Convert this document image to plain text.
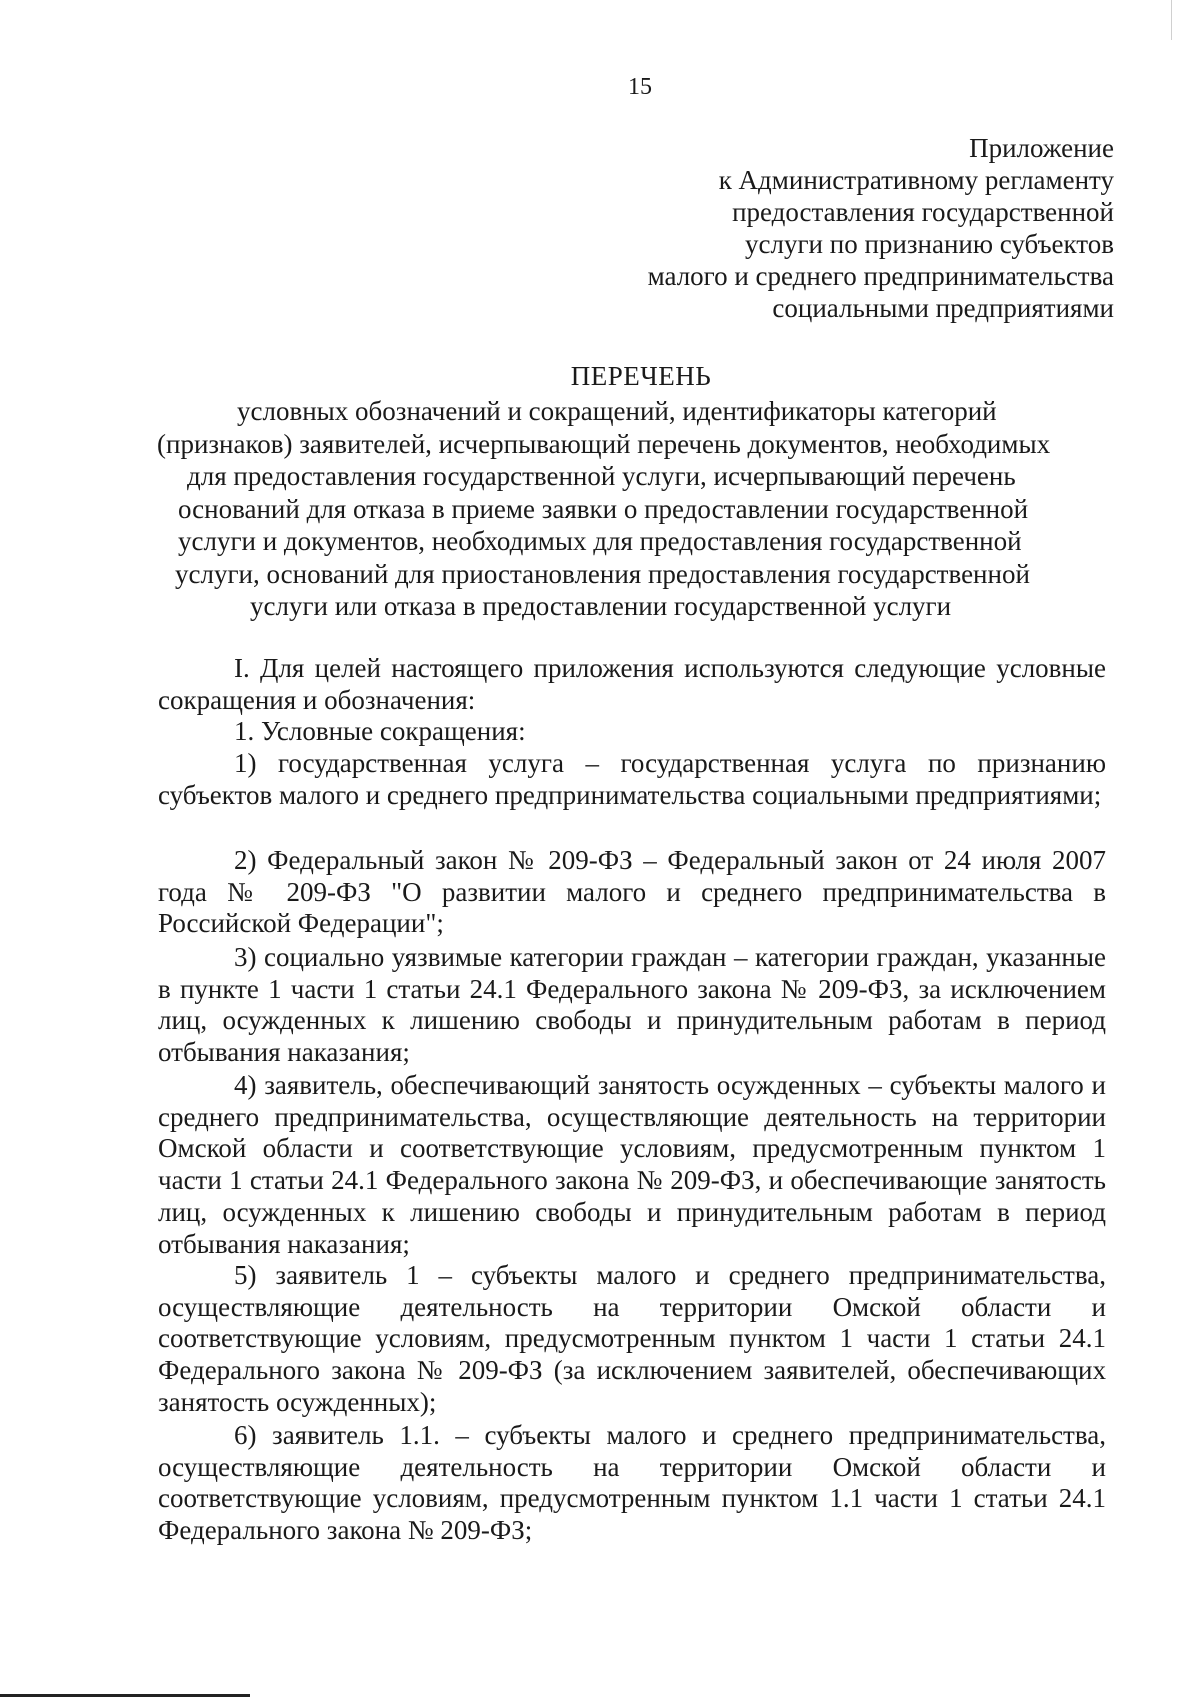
15
Приложение
к Административному регламенту
предоставления государственной
услуги по признанию субъектов
малого и среднего предпринимательства
социальными предприятиями
ПЕРЕЧЕНЬ
условных обозначений и сокращений, идентификаторы категорий
(признаков) заявителей, исчерпывающий перечень документов, необходимых
для предоставления государственной услуги, исчерпывающий перечень
оснований для отказа в приеме заявки о предоставлении государственной
услуги и документов, необходимых для предоставления государственной
услуги, оснований для приостановления предоставления государственной
услуги или отказа в предоставлении государственной услуги

I. Для целей настоящего приложения используются следующие условные сокращения и обозначения:

1. Условные сокращения:

1) государственная услуга – государственная услуга по признанию субъектов малого и среднего предпринимательства социальными предприятиями;

2) Федеральный закон № 209-ФЗ – Федеральный закон от 24 июля 2007 года № 209-ФЗ "О развитии малого и среднего предпринимательства в Российской Федерации";

3) социально уязвимые категории граждан – категории граждан, указанные в пункте 1 части 1 статьи 24.1 Федерального закона № 209-ФЗ, за исключением лиц, осужденных к лишению свободы и принудительным работам в период отбывания наказания;

4) заявитель, обеспечивающий занятость осужденных – субъекты малого и среднего предпринимательства, осуществляющие деятельность на территории Омской области и соответствующие условиям, предусмотренным пунктом 1 части 1 статьи 24.1 Федерального закона № 209-ФЗ, и обеспечивающие занятость лиц, осужденных к лишению свободы и принудительным работам в период отбывания наказания;

5) заявитель 1 – субъекты малого и среднего предпринимательства, осуществляющие деятельность на территории Омской области и соответствующие условиям, предусмотренным пунктом 1 части 1 статьи 24.1 Федерального закона № 209-ФЗ (за исключением заявителей, обеспечивающих занятость осужденных);

6) заявитель 1.1. – субъекты малого и среднего предпринимательства, осуществляющие деятельность на территории Омской области и соответствующие условиям, предусмотренным пунктом 1.1 части 1 статьи 24.1 Федерального закона № 209-ФЗ;
